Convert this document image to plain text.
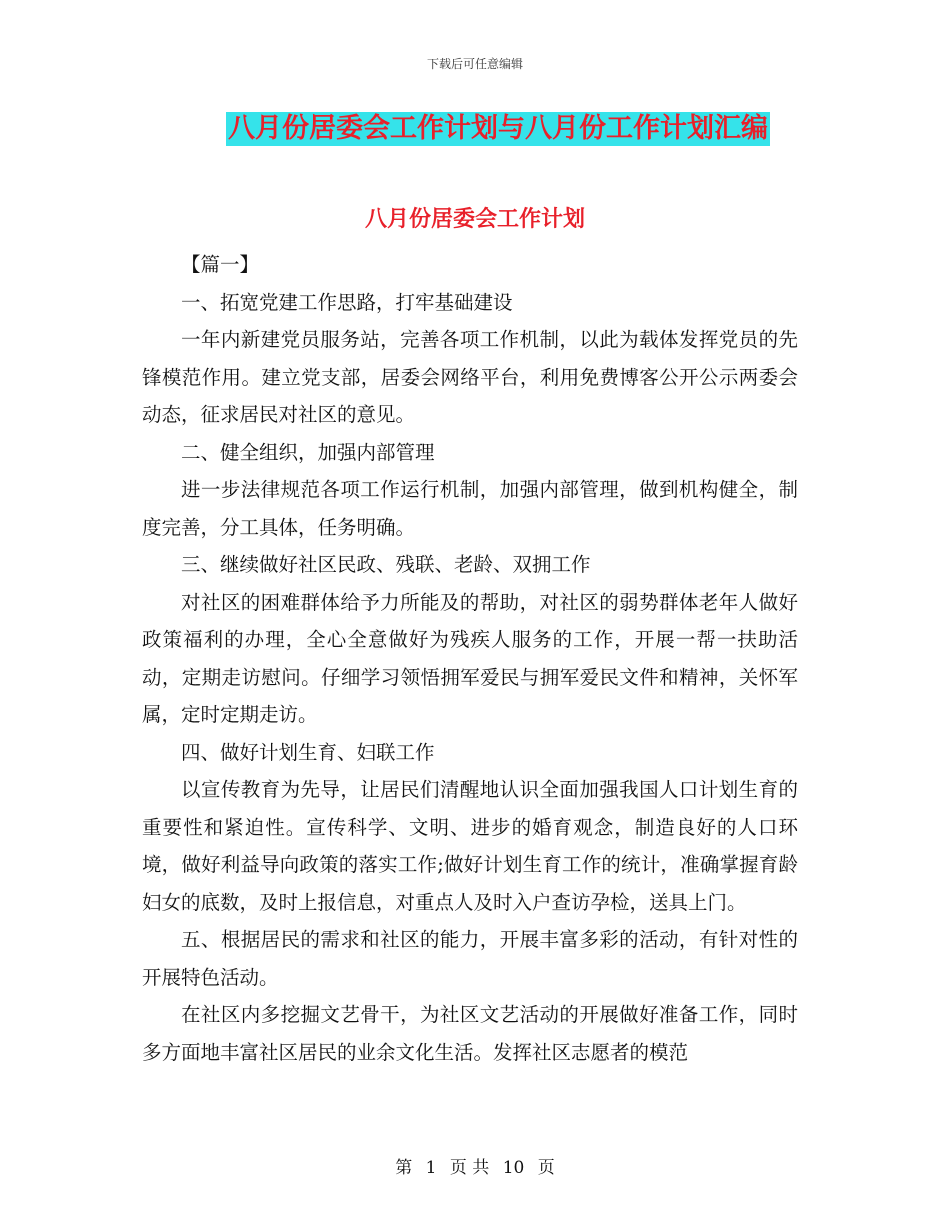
下载后可任意编辑
八月份居委会工作计划与八月份工作计划汇编
八月份居委会工作计划

【篇一】

一、拓宽党建工作思路，打牢基础建设

一年内新建党员服务站，完善各项工作机制，以此为载体发挥党员的先锋模范作用。建立党支部，居委会网络平台，利用免费博客公开公示两委会动态，征求居民对社区的意见。

二、健全组织，加强内部管理

进一步法律规范各项工作运行机制，加强内部管理，做到机构健全，制度完善，分工具体，任务明确。

三、继续做好社区民政、残联、老龄、双拥工作

对社区的困难群体给予力所能及的帮助，对社区的弱势群体老年人做好政策福利的办理，全心全意做好为残疾人服务的工作，开展一帮一扶助活动，定期走访慰问。仔细学习领悟拥军爱民与拥军爱民文件和精神，关怀军属，定时定期走访。

四、做好计划生育、妇联工作

以宣传教育为先导，让居民们清醒地认识全面加强我国人口计划生育的重要性和紧迫性。宣传科学、文明、进步的婚育观念，制造良好的人口环境，做好利益导向政策的落实工作;做好计划生育工作的统计，准确掌握育龄妇女的底数，及时上报信息，对重点人及时入户查访孕检，送具上门。

五、根据居民的需求和社区的能力，开展丰富多彩的活动，有针对性的开展特色活动。

在社区内多挖掘文艺骨干，为社区文艺活动的开展做好准备工作，同时多方面地丰富社区居民的业余文化生活。发挥社区志愿者的模范

第 1 页 共 10 页
